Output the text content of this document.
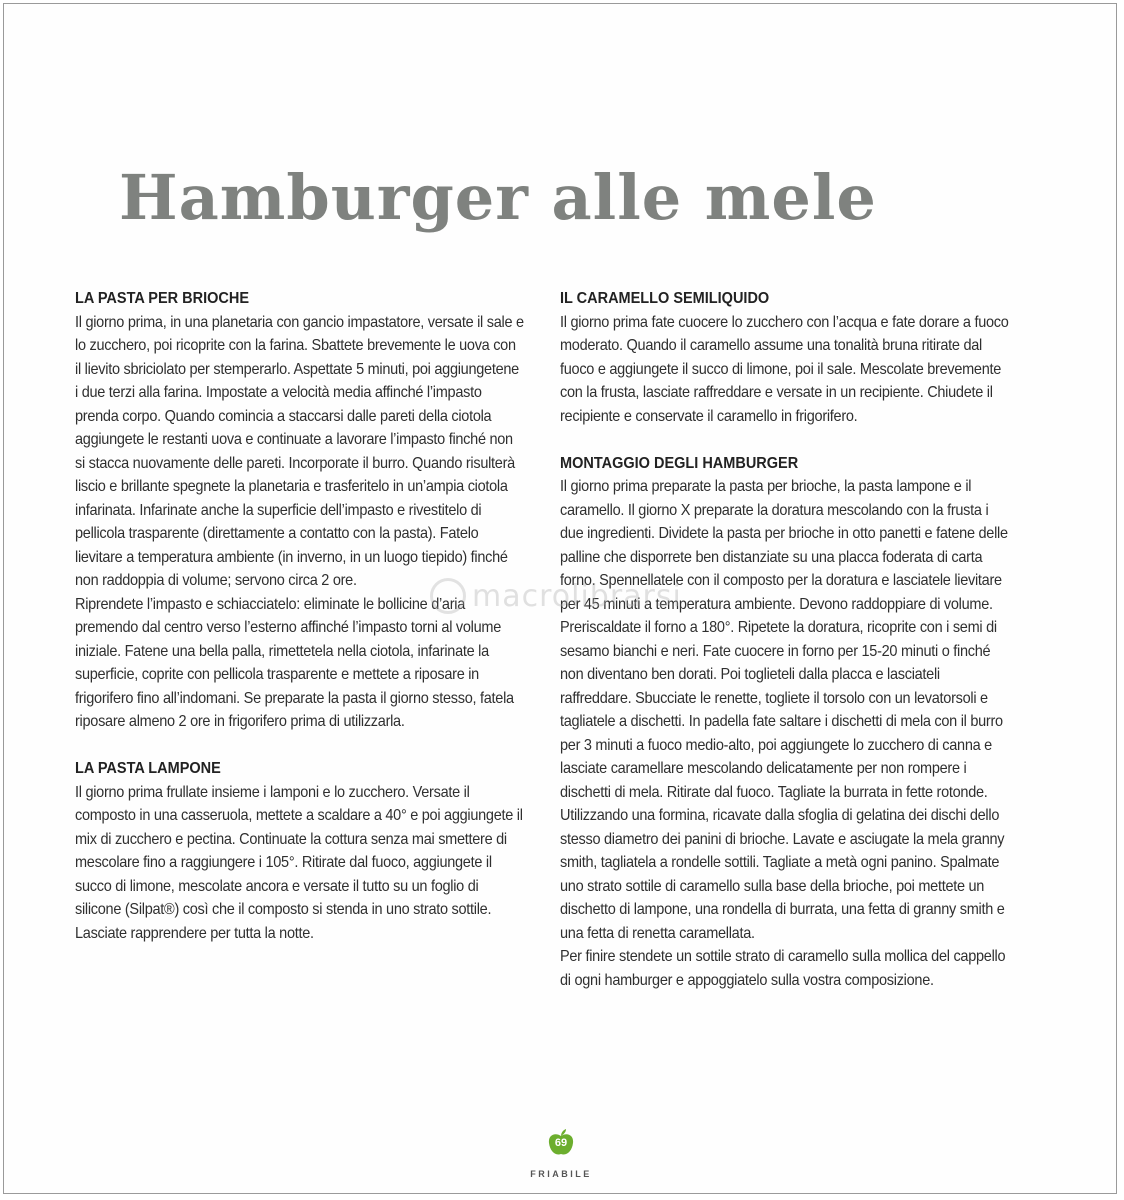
Hamburger alle mele
LA PASTA PER BRIOCHE

Il giorno prima, in una planetaria con gancio impastatore, versate il sale e lo zucchero, poi ricoprite con la farina. Sbattete brevemente le uova con il lievito sbriciolato per stemperarlo. Aspettate 5 minuti, poi aggiungetene i due terzi alla farina. Impostate a velocità media affinché l’impasto prenda corpo. Quando comincia a staccarsi dalle pareti della ciotola aggiungete le restanti uova e continuate a lavorare l’impasto finché non si stacca nuovamente delle pareti. Incorporate il burro. Quando risulterà liscio e brillante spegnete la planetaria e trasferitelo in un’ampia ciotola infarinata. Infarinate anche la superficie dell’impasto e rivestitelo di pellicola trasparente (direttamente a contatto con la pasta). Fatelo lievitare a temperatura ambiente (in inverno, in un luogo tiepido) finché non raddoppia di volume; servono circa 2 ore.

Riprendete l’impasto e schiacciatelo: eliminate le bollicine d’aria premendo dal centro verso l’esterno affinché l’impasto torni al volume iniziale. Fatene una bella palla, rimettetela nella ciotola, infarinate la superficie, coprite con pellicola trasparente e mettete a riposare in frigorifero fino all’indomani. Se preparate la pasta il giorno stesso, fatela riposare almeno 2 ore in frigorifero prima di utilizzarla.

LA PASTA LAMPONE

Il giorno prima frullate insieme i lamponi e lo zucchero. Versate il composto in una casseruola, mettete a scaldare a 40° e poi aggiungete il mix di zucchero e pectina. Continuate la cottura senza mai smettere di mescolare fino a raggiungere i 105°. Ritirate dal fuoco, aggiungete il succo di limone, mescolate ancora e versate il tutto su un foglio di silicone (Silpat®) così che il composto si stenda in uno strato sottile. Lasciate rapprendere per tutta la notte.

IL CARAMELLO SEMILIQUIDO

Il giorno prima fate cuocere lo zucchero con l’acqua e fate dorare a fuoco moderato. Quando il caramello assume una tonalità bruna ritirate dal fuoco e aggiungete il succo di limone, poi il sale. Mescolate brevemente con la frusta, lasciate raffreddare e versate in un recipiente. Chiudete il recipiente e conservate il caramello in frigorifero.

MONTAGGIO DEGLI HAMBURGER

Il giorno prima preparate la pasta per brioche, la pasta lampone e il caramello. Il giorno X preparate la doratura mescolando con la frusta i due ingredienti. Dividete la pasta per brioche in otto panetti e fatene delle palline che disporrete ben distanziate su una placca foderata di carta forno. Spennellatele con il composto per la doratura e lasciatele lievitare per 45 minuti a temperatura ambiente. Devono raddoppiare di volume. Preriscaldate il forno a 180°. Ripetete la doratura, ricoprite con i semi di sesamo bianchi e neri. Fate cuocere in forno per 15-20 minuti o finché non diventano ben dorati. Poi toglieteli dalla placca e lasciateli raffreddare. Sbucciate le renette, togliete il torsolo con un levatorsoli e tagliatele a dischetti. In padella fate saltare i dischetti di mela con il burro per 3 minuti a fuoco medio-alto, poi aggiungete lo zucchero di canna e lasciate caramellare mescolando delicatamente per non rompere i dischetti di mela. Ritirate dal fuoco. Tagliate la burrata in fette rotonde. Utilizzando una formina, ricavate dalla sfoglia di gelatina dei dischi dello stesso diametro dei panini di brioche. Lavate e asciugate la mela granny smith, tagliatela a rondelle sottili. Tagliate a metà ogni panino. Spalmate uno strato sottile di caramello sulla base della brioche, poi mettete un dischetto di lampone, una rondella di burrata, una fetta di granny smith e una fetta di renetta caramellata.

Per finire stendete un sottile strato di caramello sulla mollica del cappello di ogni hamburger e appoggiatelo sulla vostra composizione.

macrolibrarsi
69
FRIABILE
